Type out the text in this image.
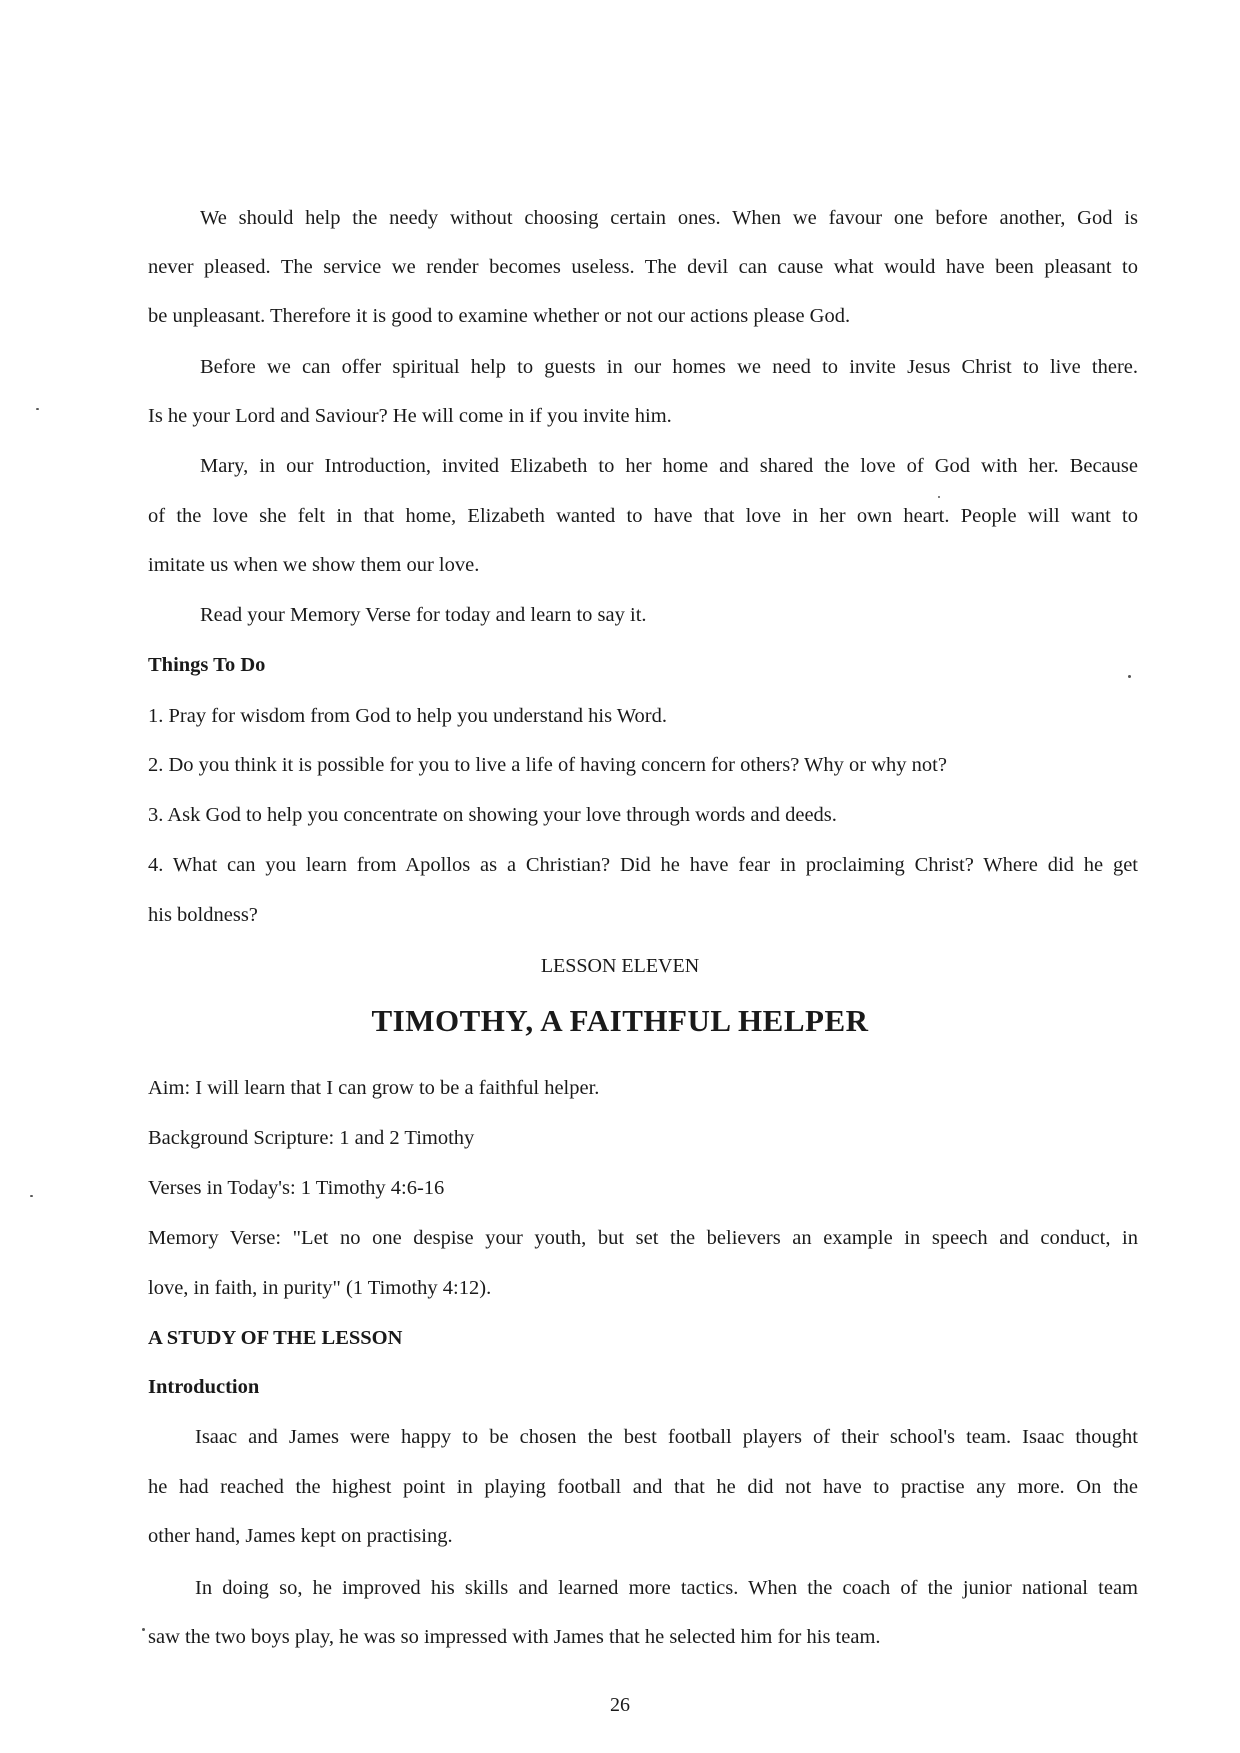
We should help the needy without choosing certain ones. When we favour one before another, God is
never pleased. The service we render becomes useless. The devil can cause what would have been pleasant to
be unpleasant. Therefore it is good to examine whether or not our actions please God.
Before we can offer spiritual help to guests in our homes we need to invite Jesus Christ to live there.
Is he your Lord and Saviour? He will come in if you invite him.
Mary, in our Introduction, invited Elizabeth to her home and shared the love of God with her. Because
of the love she felt in that home, Elizabeth wanted to have that love in her own heart. People will want to
imitate us when we show them our love.
Read your Memory Verse for today and learn to say it.
Things To Do
1. Pray for wisdom from God to help you understand his Word.
2. Do you think it is possible for you to live a life of having concern for others? Why or why not?
3. Ask God to help you concentrate on showing your love through words and deeds.
4. What can you learn from Apollos as a Christian? Did he have fear in proclaiming Christ? Where did he get
his boldness?
LESSON ELEVEN
TIMOTHY, A FAITHFUL HELPER
Aim: I will learn that I can grow to be a faithful helper.
Background Scripture: 1 and 2 Timothy
Verses in Today's: 1 Timothy 4:6-16
Memory Verse: "Let no one despise your youth, but set the believers an example in speech and conduct, in
love, in faith, in purity" (1 Timothy 4:12).
A STUDY OF THE LESSON
Introduction
Isaac and James were happy to be chosen the best football players of their school's team. Isaac thought
he had reached the highest point in playing football and that he did not have to practise any more. On the
other hand, James kept on practising.
In doing so, he improved his skills and learned more tactics. When the coach of the junior national team
saw the two boys play, he was so impressed with James that he selected him for his team.
26
